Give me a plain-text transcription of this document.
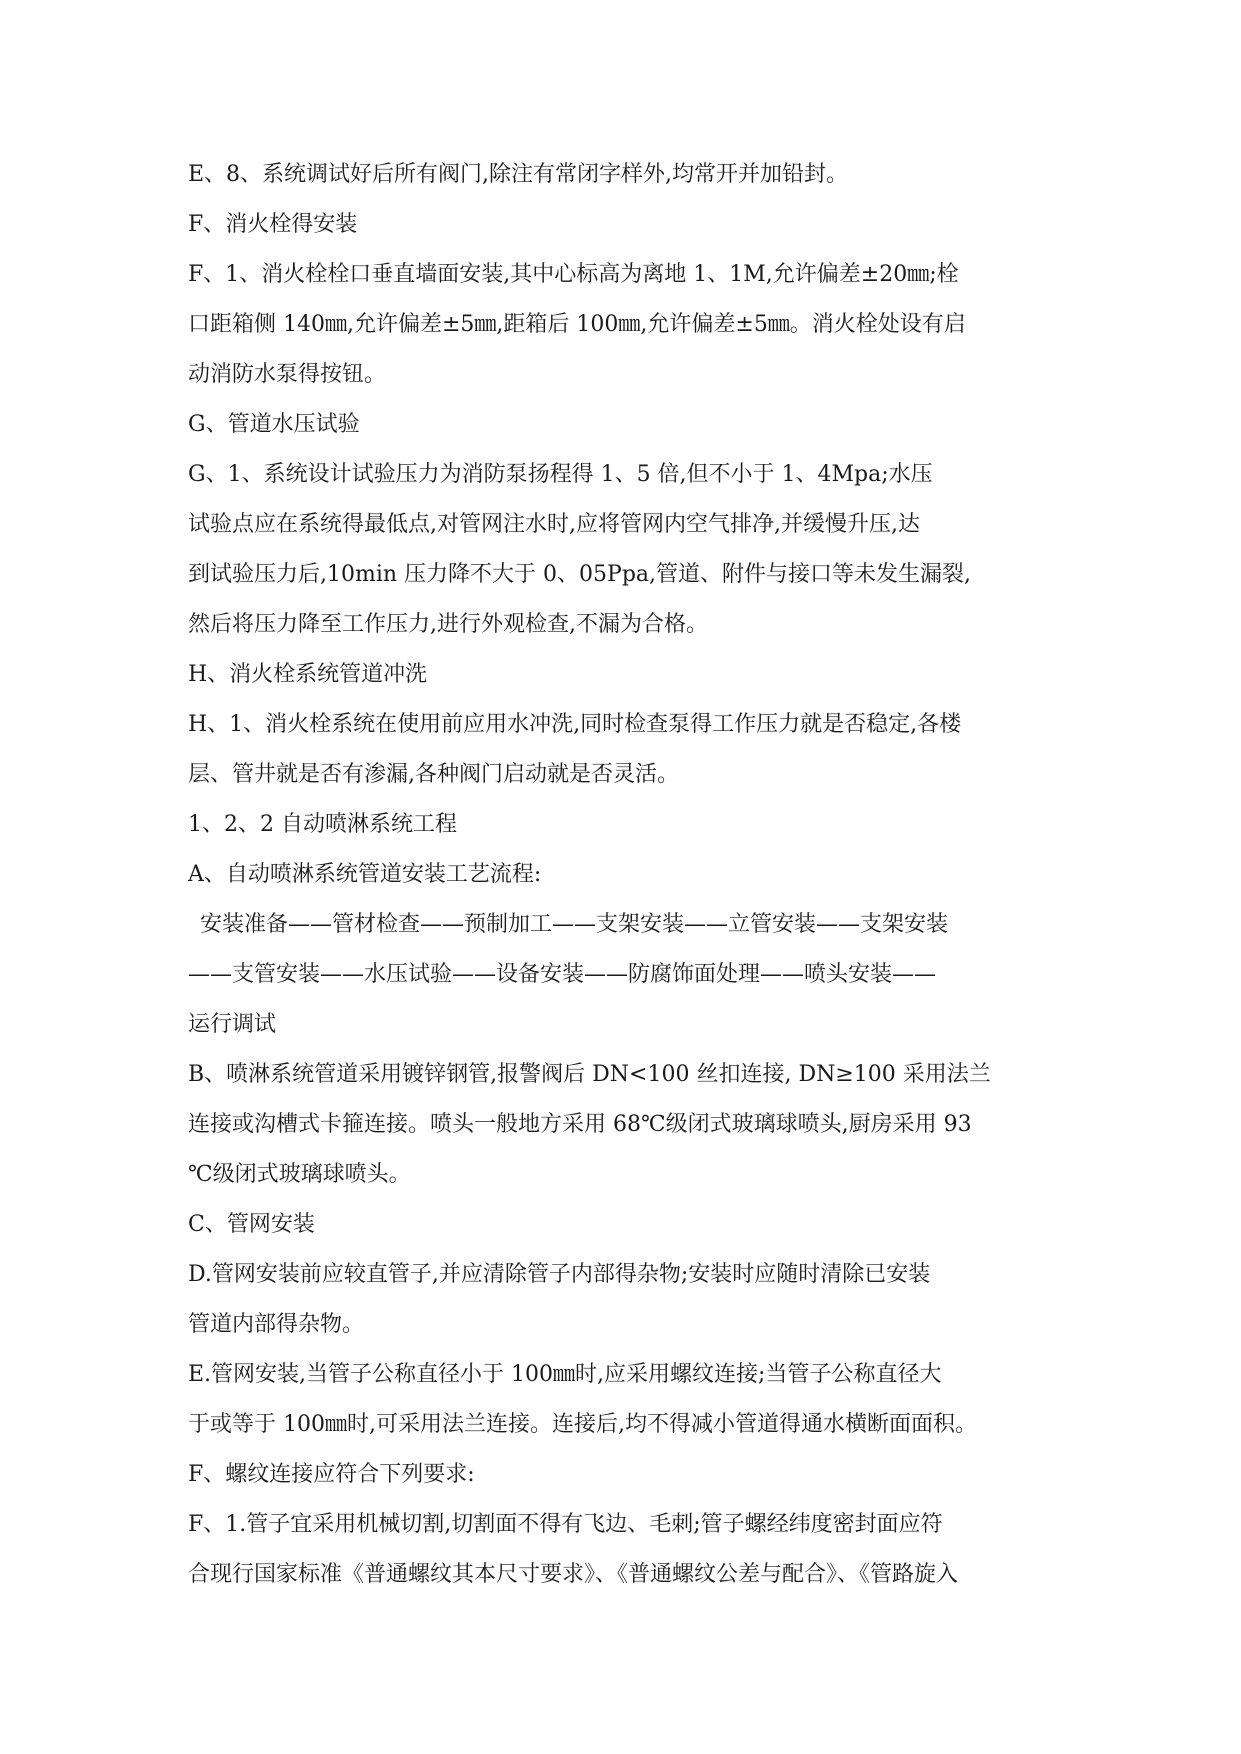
E、8、系统调试好后所有阀门,除注有常闭字样外,均常开并加铅封。
F、消火栓得安装
F、1、消火栓栓口垂直墙面安装,其中心标高为离地 1、1M,允许偏差±20㎜;栓
口距箱侧 140㎜,允许偏差±5㎜,距箱后 100㎜,允许偏差±5㎜。消火栓处设有启
动消防水泵得按钮。
G、管道水压试验
G、1、系统设计试验压力为消防泵扬程得 1、5 倍,但不小于 1、4Mpa;水压
试验点应在系统得最低点,对管网注水时,应将管网内空气排净,并缓慢升压,达
到试验压力后,10min 压力降不大于 0、05Ppa,管道、附件与接口等未发生漏裂,
然后将压力降至工作压力,进行外观检查,不漏为合格。
H、消火栓系统管道冲洗
H、1、消火栓系统在使用前应用水冲洗,同时检查泵得工作压力就是否稳定,各楼
层、管井就是否有渗漏,各种阀门启动就是否灵活。
1、2、2 自动喷淋系统工程
A、自动喷淋系统管道安装工艺流程:
安装准备——管材检查——预制加工——支架安装——立管安装——支架安装
——支管安装——水压试验——设备安装——防腐饰面处理——喷头安装——
运行调试
B、喷淋系统管道采用镀锌钢管,报警阀后 DN<100 丝扣连接, DN≥100 采用法兰
连接或沟槽式卡箍连接。喷头一般地方采用 68℃级闭式玻璃球喷头,厨房采用 93
℃级闭式玻璃球喷头。
C、管网安装
D.管网安装前应较直管子,并应清除管子内部得杂物;安装时应随时清除已安装
管道内部得杂物。
E.管网安装,当管子公称直径小于 100㎜时,应采用螺纹连接;当管子公称直径大
于或等于 100㎜时,可采用法兰连接。连接后,均不得减小管道得通水横断面面积。
F、螺纹连接应符合下列要求:
F、1.管子宜采用机械切割,切割面不得有飞边、毛刺;管子螺经纬度密封面应符
合现行国家标准《普通螺纹其本尺寸要求》、《普通螺纹公差与配合》、《管路旋入
